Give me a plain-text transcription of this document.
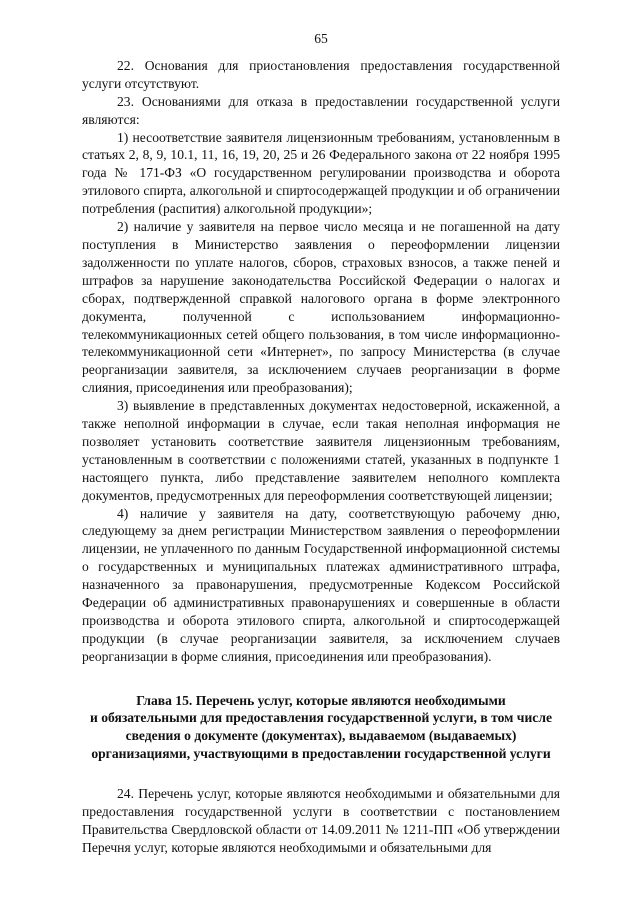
65

22. Основания для приостановления предоставления государственной услуги отсутствуют.

23. Основаниями для отказа в предоставлении государственной услуги являются:

1) несоответствие заявителя лицензионным требованиям, установленным в статьях 2, 8, 9, 10.1, 11, 16, 19, 20, 25 и 26 Федерального закона от 22 ноября 1995 года № 171-ФЗ «О государственном регулировании производства и оборота этилового спирта, алкогольной и спиртосодержащей продукции и об ограничении потребления (распития) алкогольной продукции»;

2) наличие у заявителя на первое число месяца и не погашенной на дату поступления в Министерство заявления о переоформлении лицензии задолженности по уплате налогов, сборов, страховых взносов, а также пеней и штрафов за нарушение законодательства Российской Федерации о налогах и сборах, подтвержденной справкой налогового органа в форме электронного документа, полученной с использованием информационно-телекоммуникационных сетей общего пользования, в том числе информационно-телекоммуникационной сети «Интернет», по запросу Министерства (в случае реорганизации заявителя, за исключением случаев реорганизации в форме слияния, присоединения или преобразования);

3) выявление в представленных документах недостоверной, искаженной, а также неполной информации в случае, если такая неполная информация не позволяет установить соответствие заявителя лицензионным требованиям, установленным в соответствии с положениями статей, указанных в подпункте 1 настоящего пункта, либо представление заявителем неполного комплекта документов, предусмотренных для переоформления соответствующей лицензии;

4) наличие у заявителя на дату, соответствующую рабочему дню, следующему за днем регистрации Министерством заявления о переоформлении лицензии, не уплаченного по данным Государственной информационной системы о государственных и муниципальных платежах административного штрафа, назначенного за правонарушения, предусмотренные Кодексом Российской Федерации об административных правонарушениях и совершенные в области производства и оборота этилового спирта, алкогольной и спиртосодержащей продукции (в случае реорганизации заявителя, за исключением случаев реорганизации в форме слияния, присоединения или преобразования).

Глава 15. Перечень услуг, которые являются необходимыми
и обязательными для предоставления государственной услуги, в том числе
сведения о документе (документах), выдаваемом (выдаваемых)
организациями, участвующими в предоставлении государственной услуги

24. Перечень услуг, которые являются необходимыми и обязательными для предоставления государственной услуги в соответствии с постановлением Правительства Свердловской области от 14.09.2011 № 1211-ПП «Об утверждении Перечня услуг, которые являются необходимыми и обязательными для
